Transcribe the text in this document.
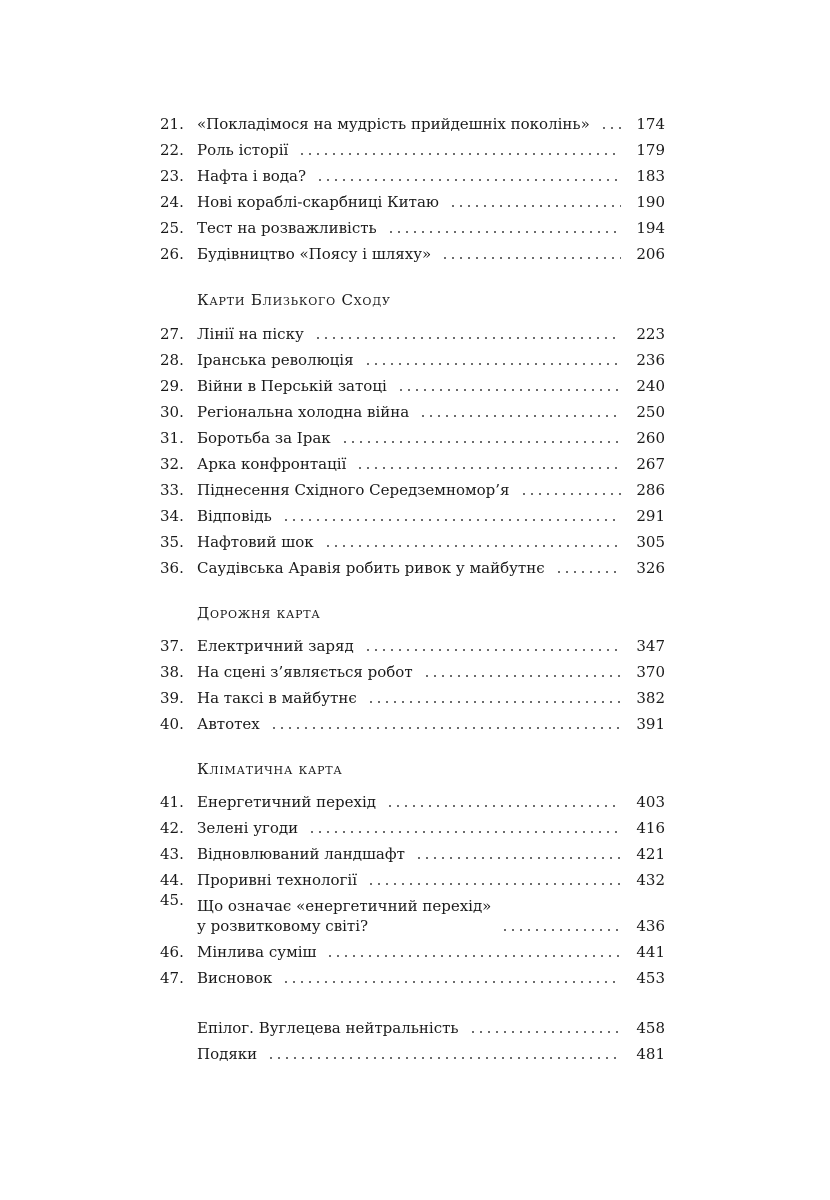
21. «Покладімося на мудрість прийдешніх поколінь»	174
22. Роль історії	179
23. Нафта і вода?	183
24. Нові кораблі-скарбниці Китаю	190
25. Тест на розважливість	194
26. Будівництво «Поясу і шляху»	206
Карти Близького Сходу
27. Лінії на піску	223
28. Іранська революція	236
29. Війни в Перській затоці	240
30. Регіональна холодна війна	250
31. Боротьба за Ірак	260
32. Арка конфронтації	267
33. Піднесення Східного Середземномор’я	286
34. Відповідь	291
35. Нафтовий шок	305
36. Саудівська Аравія робить ривок у майбутнє	326
Дорожня карта
37. Електричний заряд	347
38. На сцені з’являється робот	370
39. На таксі в майбутнє	382
40. Автотех	391
Кліматична карта
41. Енергетичний перехід	403
42. Зелені угоди	416
43. Відновлюваний ландшафт	421
44. Проривні технології	432
45. Що означає «енергетичний перехід»
у розвитковому світі?	436
46. Мінлива суміш	441
47. Висновок	453
Епілог. Вуглецева нейтральність	458
Подяки	481
